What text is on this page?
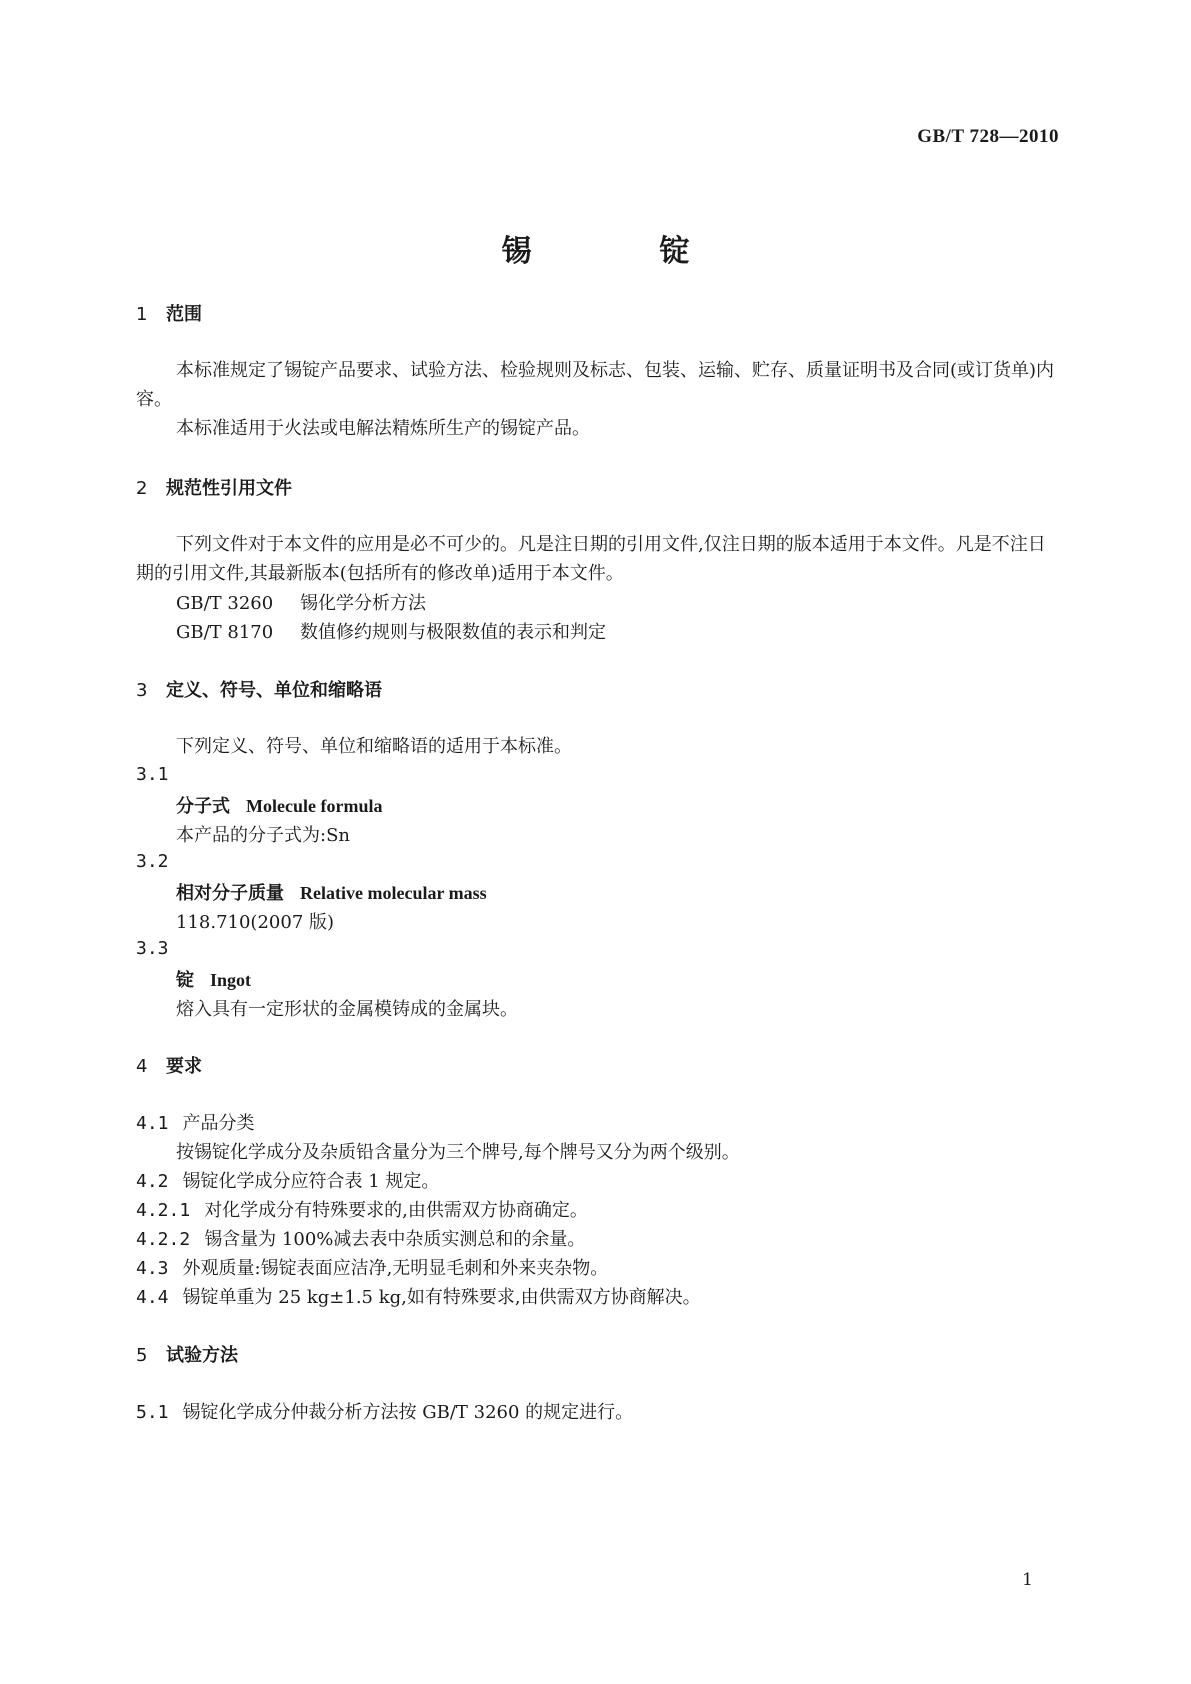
GB/T 728—2010
锡锭
1 范围
本标准规定了锡锭产品要求、试验方法、检验规则及标志、包装、运输、贮存、质量证明书及合同(或订货单)内容。
本标准适用于火法或电解法精炼所生产的锡锭产品。
2 规范性引用文件
下列文件对于本文件的应用是必不可少的。凡是注日期的引用文件,仅注日期的版本适用于本文件。凡是不注日期的引用文件,其最新版本(包括所有的修改单)适用于本文件。
GB/T 3260 锡化学分析方法
GB/T 8170 数值修约规则与极限数值的表示和判定
3 定义、符号、单位和缩略语
下列定义、符号、单位和缩略语的适用于本标准。
3.1
分子式 Molecule formula
本产品的分子式为:Sn
3.2
相对分子质量 Relative molecular mass
118.710(2007 版)
3.3
锭 Ingot
熔入具有一定形状的金属模铸成的金属块。
4 要求
4.1 产品分类
按锡锭化学成分及杂质铅含量分为三个牌号,每个牌号又分为两个级别。
4.2 锡锭化学成分应符合表 1 规定。
4.2.1 对化学成分有特殊要求的,由供需双方协商确定。
4.2.2 锡含量为 100%减去表中杂质实测总和的余量。
4.3 外观质量:锡锭表面应洁净,无明显毛刺和外来夹杂物。
4.4 锡锭单重为 25 kg±1.5 kg,如有特殊要求,由供需双方协商解决。
5 试验方法
5.1 锡锭化学成分仲裁分析方法按 GB/T 3260 的规定进行。
1
